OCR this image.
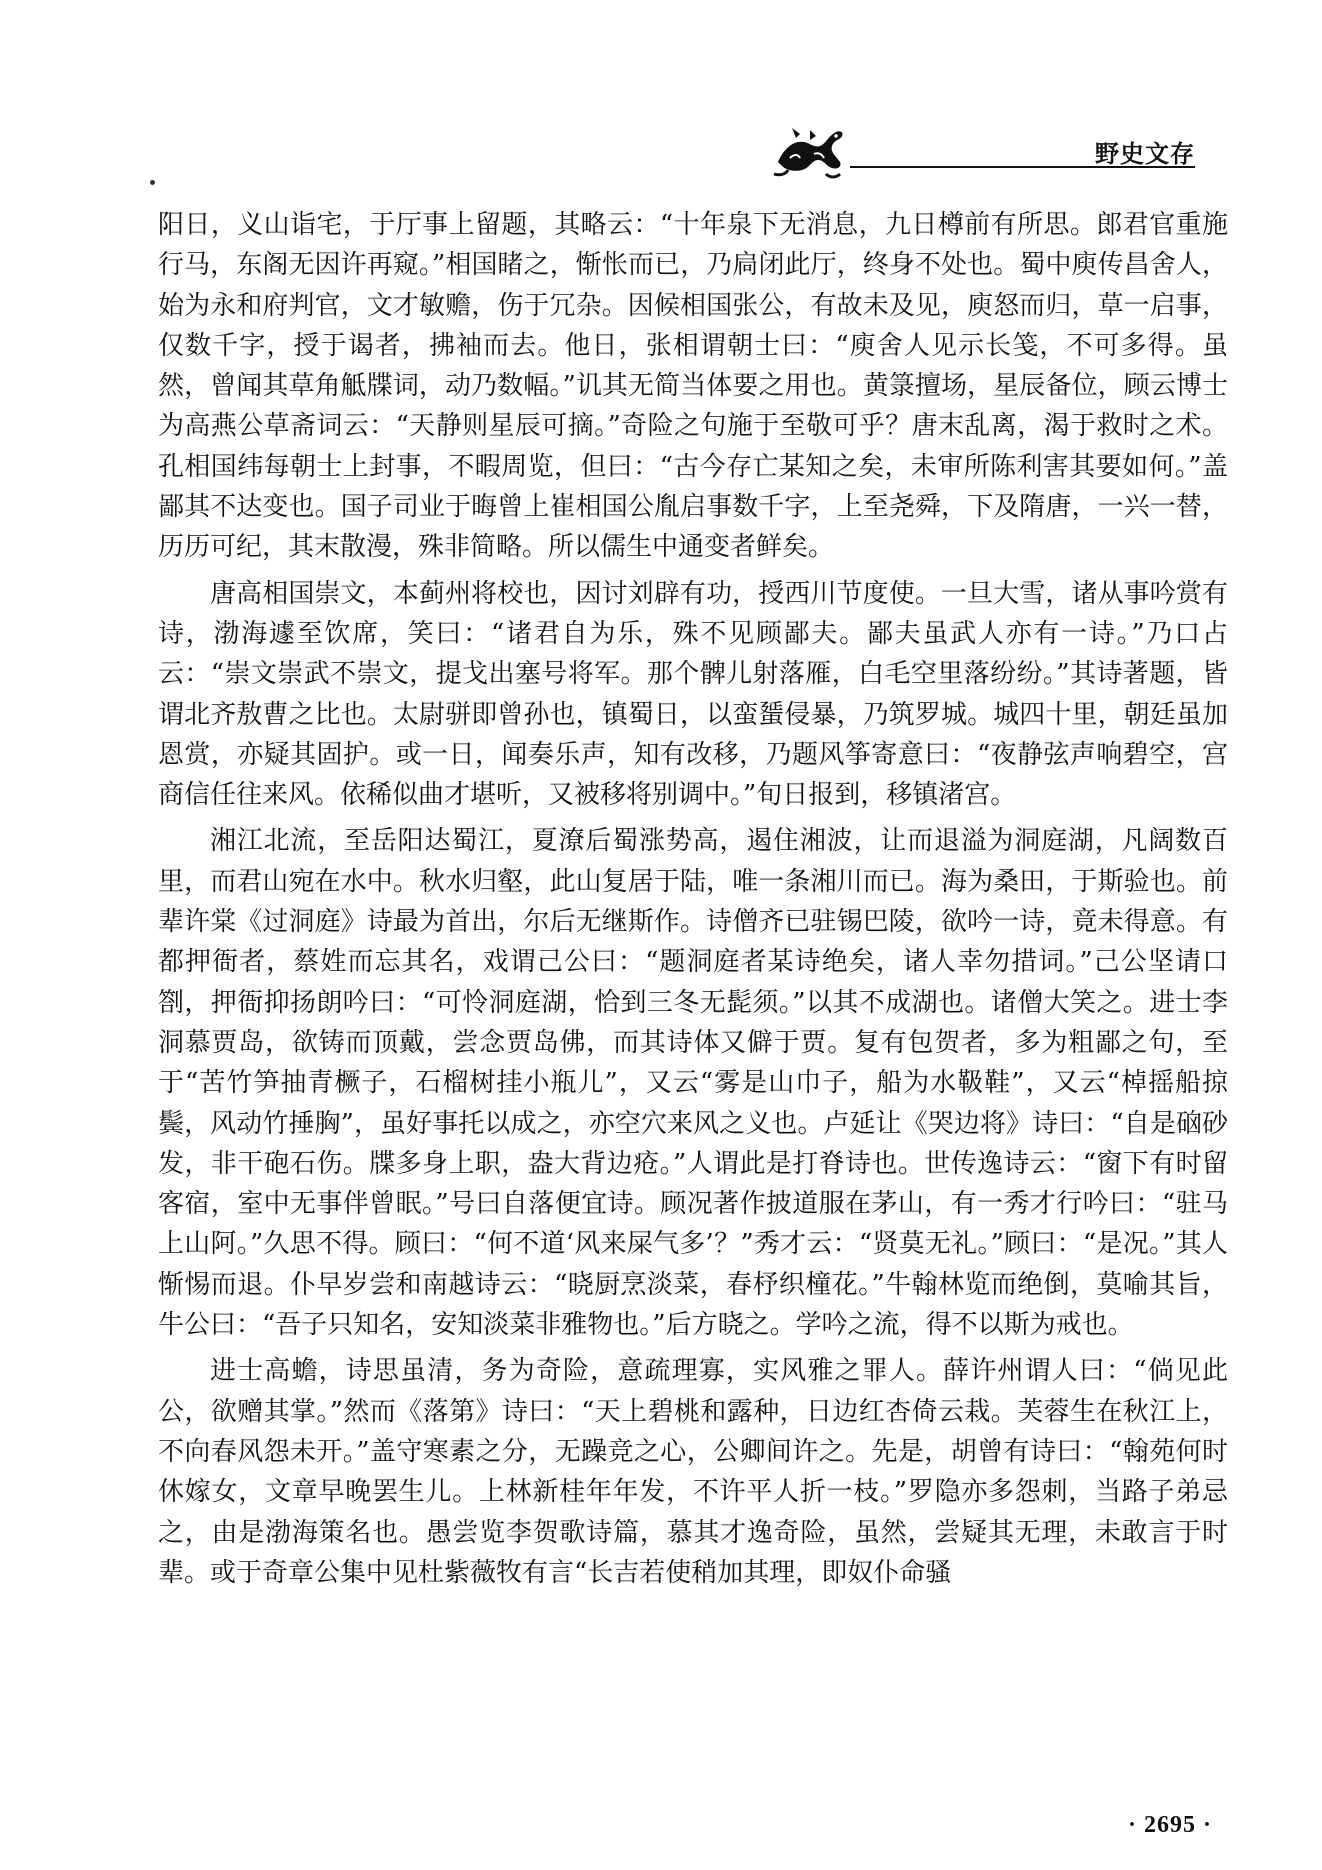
野史文存

阳日，义山诣宅，于厅事上留题，其略云：“十年泉下无消息，九日樽前有所思。郎君官重施行马，东阁无因许再窥。”相国睹之，惭怅而已，乃扃闭此厅，终身不处也。蜀中庾传昌舍人，始为永和府判官，文才敏赡，伤于冗杂。因候相国张公，有故未及见，庾怒而归，草一启事，仅数千字，授于谒者，拂袖而去。他日，张相谓朝士曰：“庾舍人见示长笺，不可多得。虽然，曾闻其草角觝牒词，动乃数幅。”讥其无简当体要之用也。黄箓擅场，星辰备位，顾云博士为高燕公草斋词云：“天静则星辰可摘。”奇险之句施于至敬可乎？唐末乱离，渴于救时之术。孔相国纬每朝士上封事，不暇周览，但曰：“古今存亡某知之矣，未审所陈利害其要如何。”盖鄙其不达变也。国子司业于晦曾上崔相国公胤启事数千字，上至尧舜，下及隋唐，一兴一替，历历可纪，其末散漫，殊非简略。所以儒生中通变者鲜矣。

唐高相国崇文，本蓟州将校也，因讨刘辟有功，授西川节度使。一旦大雪，诸从事吟赏有诗，渤海遽至饮席，笑曰：“诸君自为乐，殊不见顾鄙夫。鄙夫虽武人亦有一诗。”乃口占云：“崇文崇武不崇文，提戈出塞号将军。那个髀儿射落雁，白毛空里落纷纷。”其诗著题，皆谓北齐敖曹之比也。太尉骈即曾孙也，镇蜀日，以蛮蜑侵暴，乃筑罗城。城四十里，朝廷虽加恩赏，亦疑其固护。或一日，闻奏乐声，知有改移，乃题风筝寄意曰：“夜静弦声响碧空，宫商信任往来风。依稀似曲才堪听，又被移将别调中。”旬日报到，移镇渚宫。

湘江北流，至岳阳达蜀江，夏潦后蜀涨势高，遏住湘波，让而退溢为洞庭湖，凡阔数百里，而君山宛在水中。秋水归壑，此山复居于陆，唯一条湘川而已。海为桑田，于斯验也。前辈许棠《过洞庭》诗最为首出，尔后无继斯作。诗僧齐已驻锡巴陵，欲吟一诗，竟未得意。有都押衙者，蔡姓而忘其名，戏谓己公曰：“题洞庭者某诗绝矣，诸人幸勿措词。”己公坚请口劄，押衙抑扬朗吟曰：“可怜洞庭湖，恰到三冬无髭须。”以其不成湖也。诸僧大笑之。进士李洞慕贾岛，欲铸而顶戴，尝念贾岛佛，而其诗体又僻于贾。复有包贺者，多为粗鄙之句，至于“苦竹笋抽青橛子，石榴树挂小瓶儿”，又云“雾是山巾子，船为水靸鞋”，又云“棹摇船掠鬓，风动竹捶胸”，虽好事托以成之，亦空穴来风之义也。卢延让《哭边将》诗曰：“自是硇砂发，非干砲石伤。牒多身上职，盎大背边疮。”人谓此是打脊诗也。世传逸诗云：“窗下有时留客宿，室中无事伴曾眠。”号曰自落便宜诗。顾况著作披道服在茅山，有一秀才行吟曰：“驻马上山阿。”久思不得。顾曰：“何不道‘风来屎气多’？”秀才云：“贤莫无礼。”顾曰：“是况。”其人惭惕而退。仆早岁尝和南越诗云：“晓厨烹淡菜，春杼织橦花。”牛翰林览而绝倒，莫喻其旨，牛公曰：“吾子只知名，安知淡菜非雅物也。”后方晓之。学吟之流，得不以斯为戒也。

进士高蟾，诗思虽清，务为奇险，意疏理寡，实风雅之罪人。薛许州谓人曰：“倘见此公，欲赠其掌。”然而《落第》诗曰：“天上碧桃和露种，日边红杏倚云栽。芙蓉生在秋江上，不向春风怨未开。”盖守寒素之分，无躁竞之心，公卿间许之。先是，胡曾有诗曰：“翰苑何时休嫁女，文章早晚罢生儿。上林新桂年年发，不许平人折一枝。”罗隐亦多怨刺，当路子弟忌之，由是渤海策名也。愚尝览李贺歌诗篇，慕其才逸奇险，虽然，尝疑其无理，未敢言于时辈。或于奇章公集中见杜紫薇牧有言“长吉若使稍加其理，即奴仆命骚

· 2695 ·
